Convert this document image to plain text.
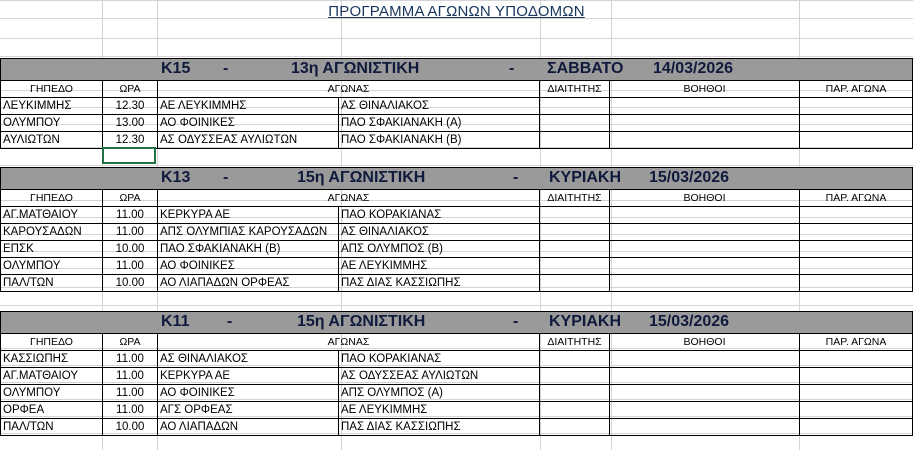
ΠΡΟΓΡΑΜΜΑ ΑΓΩΝΩΝ ΥΠΟΔΟΜΩΝ
Κ15 -	13η ΑΓΩΝΙΣΤΙΚΗ	- ΣΑΒΒΑΤΟ 14/03/2026
ΓΗΠΕΔΟ	ΩΡΑ	ΑΓΩΝΑΣ		ΔΙΑΙΤΗΤΗΣ	ΒΟΗΘΟΙ	ΠΑΡ. ΑΓΩΝΑ
ΛΕΥΚΙΜΜΗΣ	12.30	ΑΕ ΛΕΥΚΙΜΜΗΣ	ΑΣ ΘΙΝΑΛΙΑΚΟΣ			
ΟΛΥΜΠΟΥ	13.00	ΑΟ ΦΟΙΝΙΚΕΣ	ΠΑΟ ΣΦΑΚΙΑΝΑΚΗ (Α)			
ΑΥΛΙΩΤΩΝ	12.30	ΑΣ ΟΔΥΣΣΕΑΣ ΑΥΛΙΩΤΩΝ	ΠΑΟ ΣΦΑΚΙΑΝΑΚΗ (Β)			
Κ13 -	15η ΑΓΩΝΙΣΤΙΚΗ	- ΚΥΡΙΑΚΗ 15/03/2026
ΓΗΠΕΔΟ	ΩΡΑ	ΑΓΩΝΑΣ		ΔΙΑΙΤΗΤΗΣ	ΒΟΗΘΟΙ	ΠΑΡ. ΑΓΩΝΑ
ΑΓ.ΜΑΤΘΑΙΟΥ	11.00	ΚΕΡΚΥΡΑ ΑΕ	ΠΑΟ ΚΟΡΑΚΙΑΝΑΣ			
ΚΑΡΟΥΣΑΔΩΝ	11.00	ΑΠΣ ΟΛΥΜΠΙΑΣ ΚΑΡΟΥΣΑΔΩΝ	ΑΣ ΘΙΝΑΛΙΑΚΟΣ			
ΕΠΣΚ	10.00	ΠΑΟ ΣΦΑΚΙΑΝΑΚΗ (Β)	ΑΠΣ ΟΛΥΜΠΟΣ (Β)			
ΟΛΥΜΠΟΥ	11.00	ΑΟ ΦΟΙΝΙΚΕΣ	ΑΕ ΛΕΥΚΙΜΜΗΣ			
ΠΑΛ/ΤΩΝ	10.00	ΑΟ ΛΙΑΠΑΔΩΝ ΟΡΦΕΑΣ	ΠΑΣ ΔΙΑΣ ΚΑΣΣΙΩΠΗΣ			
Κ11 -	15η ΑΓΩΝΙΣΤΙΚΗ	- ΚΥΡΙΑΚΗ 15/03/2026
ΓΗΠΕΔΟ	ΩΡΑ	ΑΓΩΝΑΣ		ΔΙΑΙΤΗΤΗΣ	ΒΟΗΘΟΙ	ΠΑΡ. ΑΓΩΝΑ
ΚΑΣΣΙΩΠΗΣ	11.00	ΑΣ ΘΙΝΑΛΙΑΚΟΣ	ΠΑΟ ΚΟΡΑΚΙΑΝΑΣ			
ΑΓ.ΜΑΤΘΑΙΟΥ	11.00	ΚΕΡΚΥΡΑ ΑΕ	ΑΣ ΟΔΥΣΣΕΑΣ ΑΥΛΙΩΤΩΝ			
ΟΛΥΜΠΟΥ	11.00	ΑΟ ΦΟΙΝΙΚΕΣ	ΑΠΣ ΟΛΥΜΠΟΣ (Α)			
ΟΡΦΕΑ	11.00	ΑΓΣ ΟΡΦΕΑΣ	ΑΕ ΛΕΥΚΙΜΜΗΣ			
ΠΑΛ/ΤΩΝ	10.00	ΑΟ ΛΙΑΠΑΔΩΝ	ΠΑΣ ΔΙΑΣ ΚΑΣΣΙΩΠΗΣ			
